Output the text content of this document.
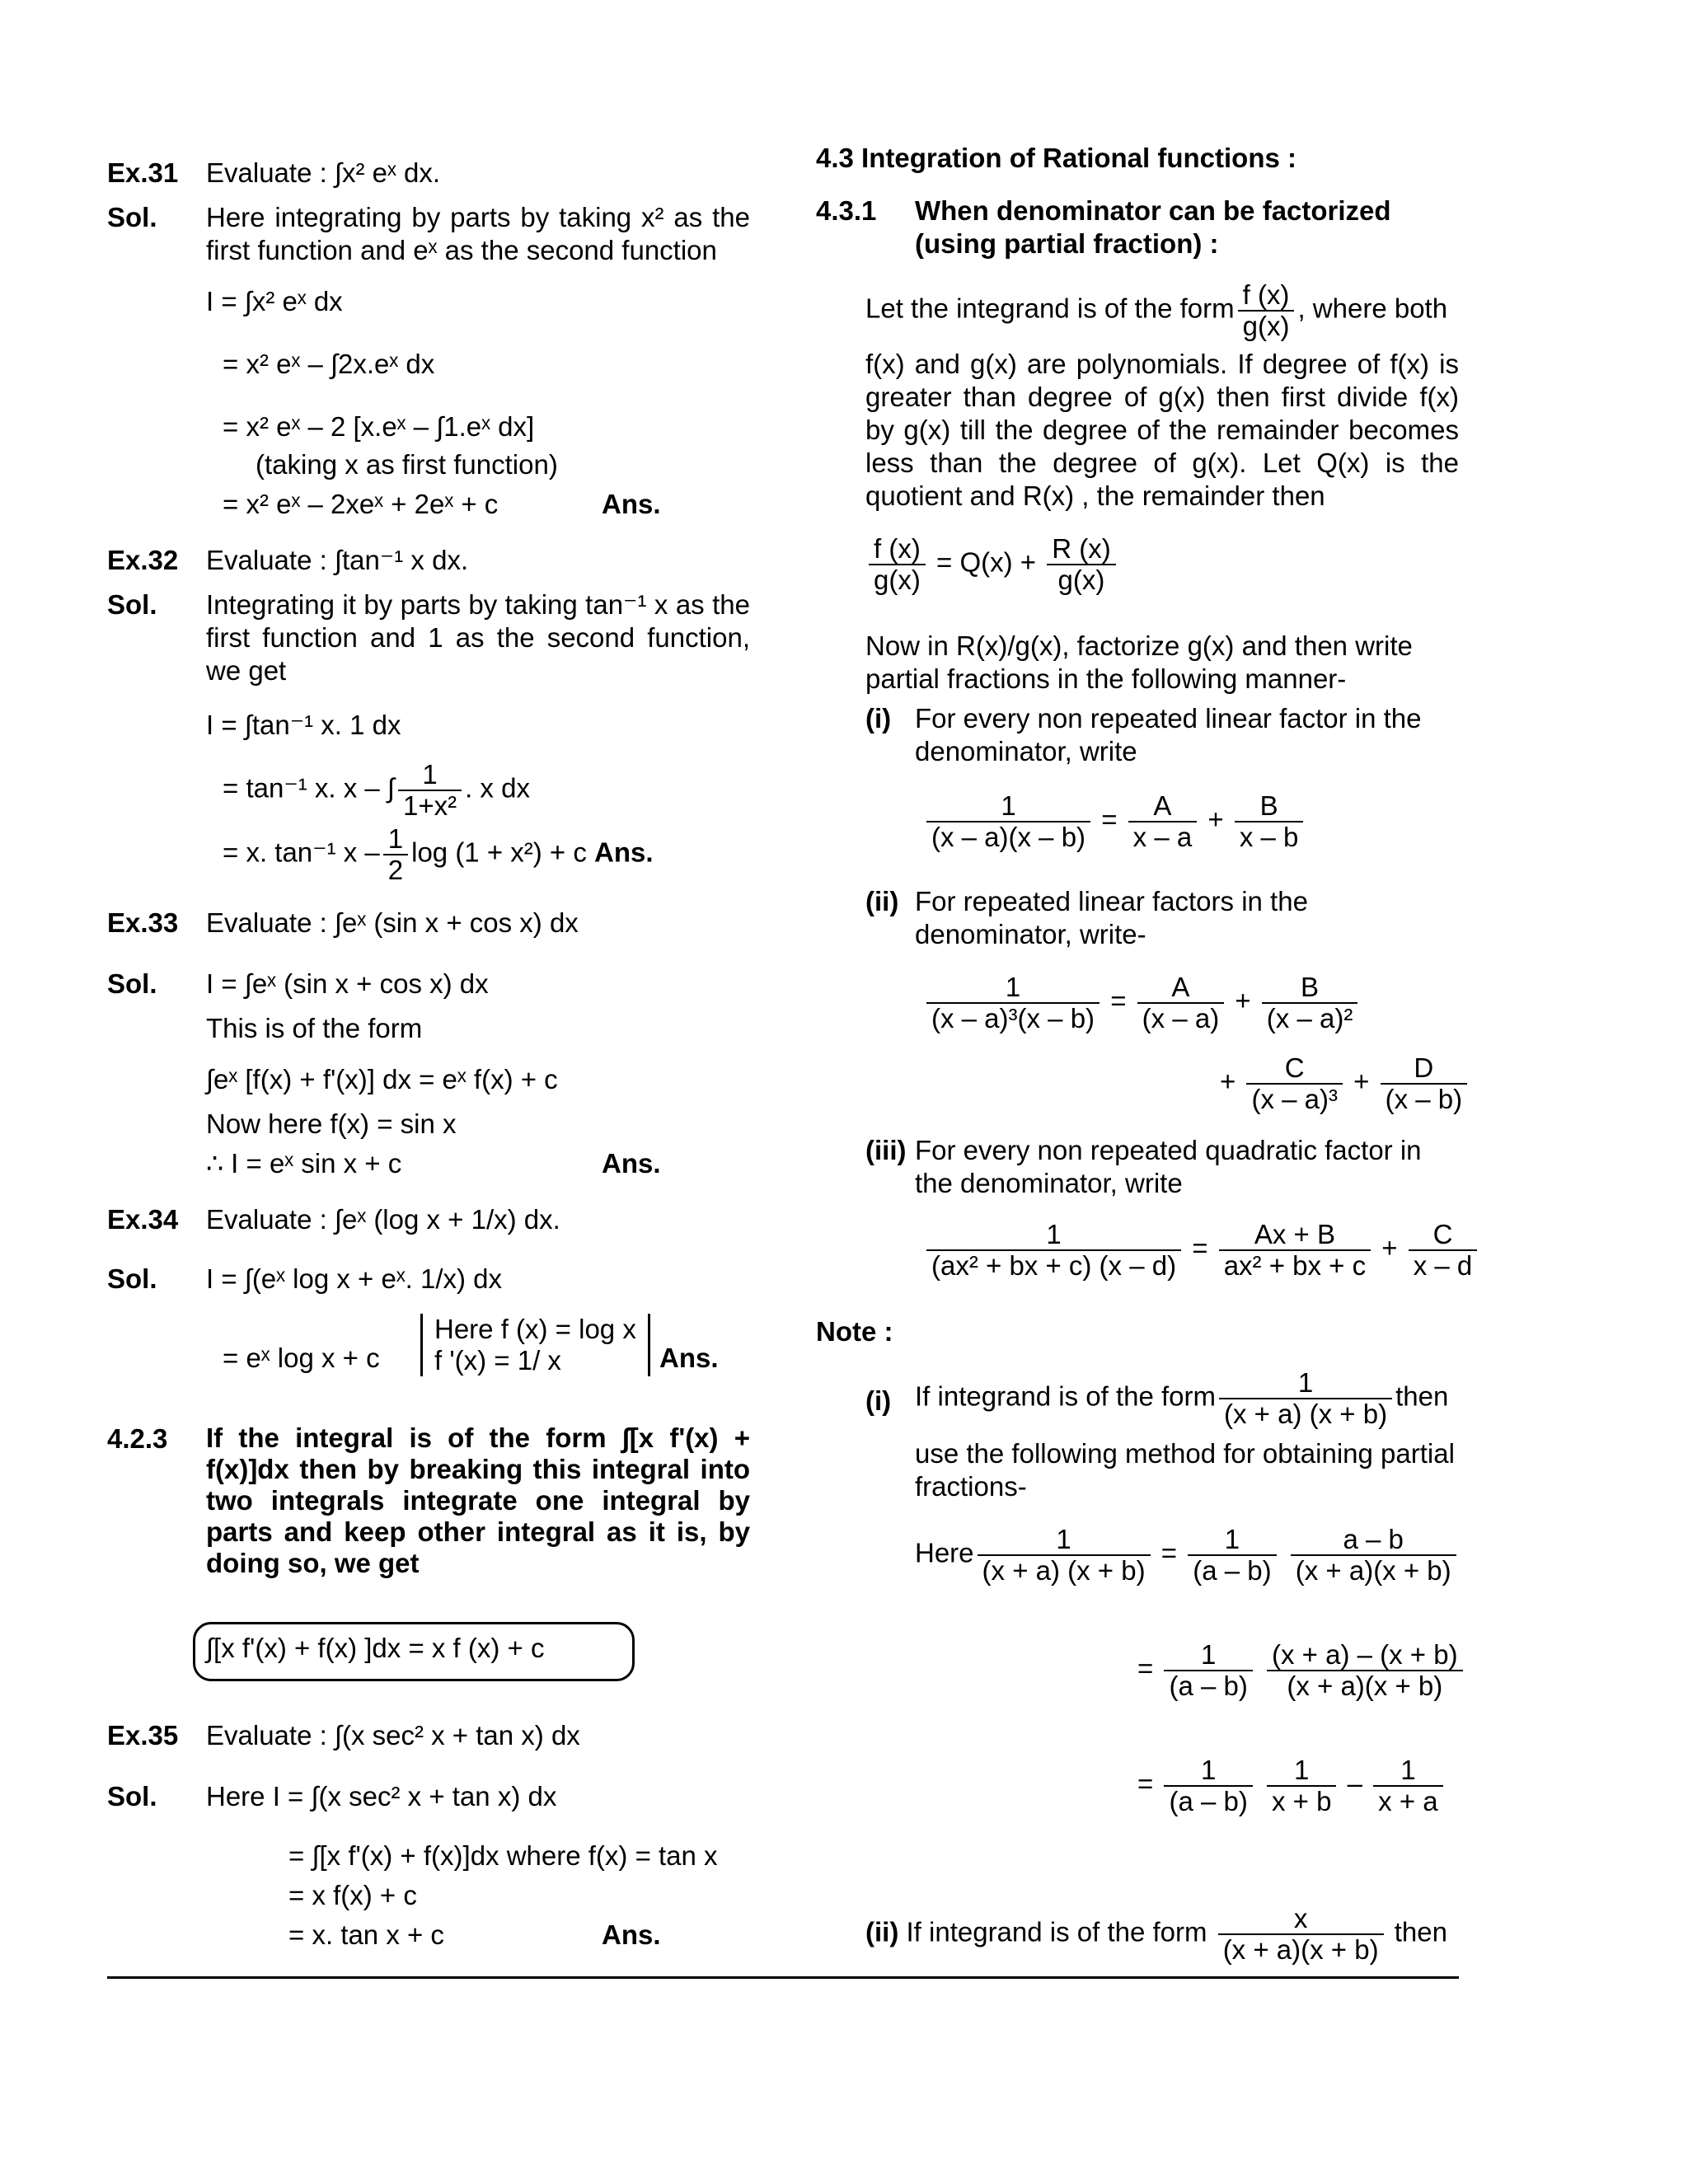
Ex.31 Evaluate : ∫x² eˣ dx.
Sol. Here integrating by parts by taking x² as the first function and eˣ as the second function
I = ∫x² eˣ dx
= x² eˣ – ∫2x.eˣ dx
= x² eˣ – 2 [x.eˣ – ∫1.eˣ dx]
(taking x as first function)
= x² eˣ – 2xeˣ + 2eˣ + c	Ans.
Ex.32 Evaluate : ∫tan⁻¹ x dx.
Sol. Integrating it by parts by taking tan⁻¹ x as the first function and 1 as the second function, we get
I = ∫tan⁻¹ x. 1 dx
= tan⁻¹ x. x – ∫ $\frac{1}{\text{1+x²}}$ . x dx
= x. tan⁻¹ x – $\frac{1}{2}$ log (1 + x²) + c Ans.
Ex.33 Evaluate : ∫eˣ (sin x + cos x) dx
Sol. I = ∫eˣ (sin x + cos x) dx
This is of the form
∫eˣ [f(x) + f'(x)] dx = eˣ f(x) + c
Now here f(x) = sin x
∴ I = eˣ sin x + c	Ans.
Ex.34 Evaluate : ∫eˣ (log x + 1/x) dx.
Sol. I = ∫(eˣ log x + eˣ. 1/x) dx
= eˣ log x + c
Here f (x) = log x
f '(x) = 1/ x	Ans.
4.2.3 If the integral is of the form ∫[x f'(x) + f(x)]dx then by breaking this integral into two integrals integrate one integral by parts and keep other integral as it is, by doing so, we get
∫[x f'(x) + f(x) ]dx = x f (x) + c
Ex.35 Evaluate : ∫(x sec² x + tan x) dx
Sol. Here I = ∫(x sec² x + tan x) dx
= ∫[x f'(x) + f(x)]dx where f(x) = tan x
= x f(x) + c
= x. tan x + c	Ans.
4.3 Integration of Rational functions :
4.3.1 When denominator can be factorized (using partial fraction) :
Let the integrand is of the form $\frac{f (x)}{g(x)}$ , where both
f(x) and g(x) are polynomials. If degree of f(x) is greater than degree of g(x) then first divide f(x) by g(x) till the degree of the remainder becomes less than the degree of g(x). Let Q(x) is the quotient and R(x) , the remainder then
$\frac{f (x)}{g(x)} = Q(x) + \frac{R (x)}{g(x)}$
Now in R(x)/g(x), factorize g(x) and then write partial fractions in the following manner-
(i) For every non repeated linear factor in the denominator, write
$\frac{1}{(x - a)(x - b)} = \frac{A}{x - a} + \frac{B}{x - b}$
(ii) For repeated linear factors in the denominator, write-
$\frac{1}{\text{(x – a)³(x – b)}} = \frac{A}{(x - a)} + \frac{B}{\text{(x – a)²}}$
+ $\frac{C}{\text{(x – a)³}} + \frac{D}{(x - b)}$
(iii) For every non repeated quadratic factor in the denominator, write
$\frac{1}{\text{(ax² + bx + c) (x – d)}} = \frac{Ax + B}{\text{ax² + bx + c}} + \frac{C}{x - d}$
Note :
(i) If integrand is of the form $\frac{1}{(x + a) (x + b)}$ then
use the following method for obtaining partial fractions-
Here $\frac{1}{(x + a) (x + b)} = \frac{1}{(a - b)}$
$\frac{a - b}{(x + a)(x + b)}$
= $\frac{1}{(a - b)}$
$\frac{(x + a) - (x + b)}{(x + a)(x + b)}$
= $\frac{1}{(a - b)}$
$\frac{1}{x + b} - \frac{1}{x + a}$
(ii) If integrand is of the form $\frac{x}{(x + a)(x + b)}$ then
